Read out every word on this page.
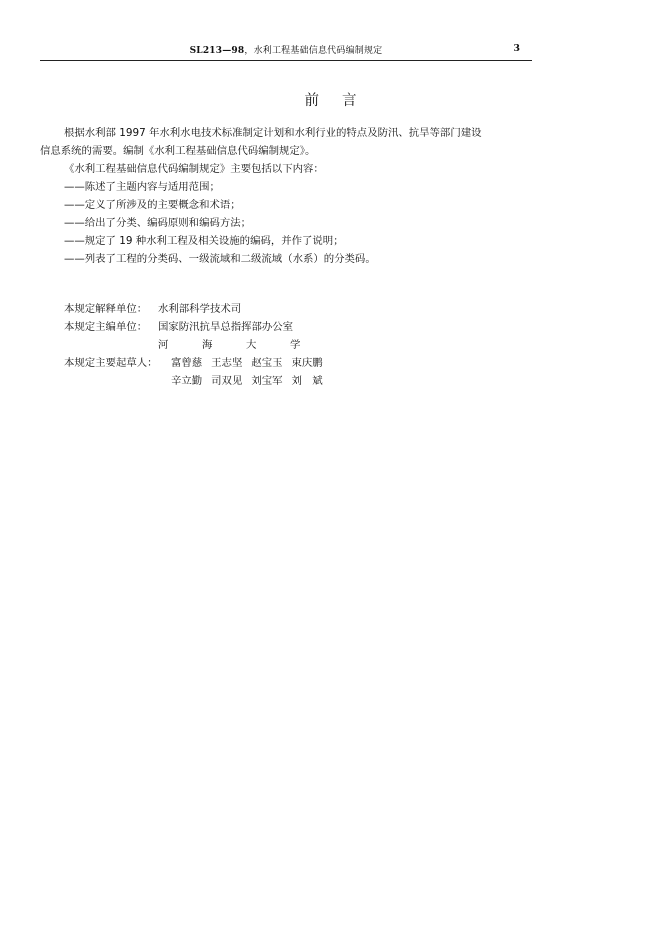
SL213—98，水利工程基础信息代码编制规定	3
前 言

根据水利部 1997 年水利水电技术标准制定计划和水利行业的特点及防汛、抗旱等部门建设

信息系统的需要。编制《水利工程基础信息代码编制规定》。

《水利工程基础信息代码编制规定》主要包括以下内容：

——陈述了主题内容与适用范围；

——定义了所涉及的主要概念和术语；

——给出了分类、编码原则和编码方法；

——规定了 19 种水利工程及相关设施的编码，并作了说明；

——列表了工程的分类码、一级流域和二级流域（水系）的分类码。

本规定解释单位： 水利部科学技术司
本规定主编单位： 国家防汛抗旱总指挥部办公室
河	海	大	学
本规定主要起草人： 富曾慈 王志坚 赵宝玉 束庆鹏
辛立勤 司双见 刘宝军 刘　斌
